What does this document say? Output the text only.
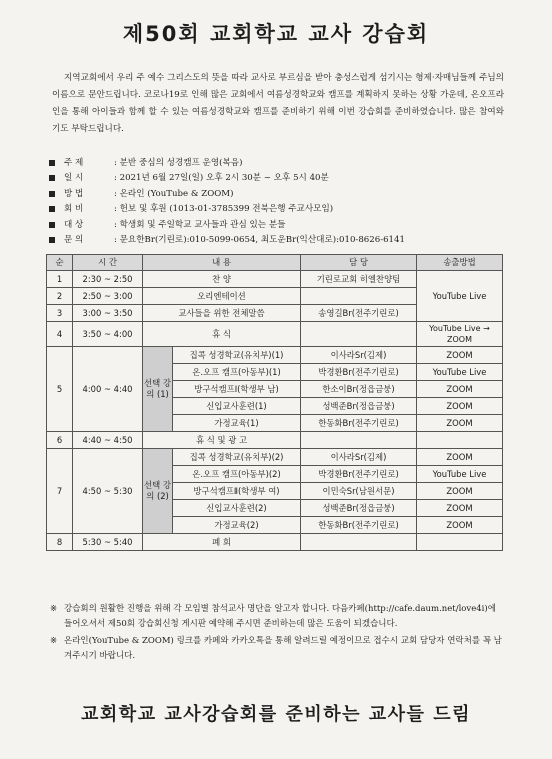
제50회 교회학교 교사 강습회
지역교회에서 우리 주 예수 그리스도의 뜻을 따라 교사로 부르심을 받아 충성스럽게 섬기시는 형제·자매님들께 주님의 이름으로 문안드립니다. 코로나19로 인해 많은 교회에서 여름성경학교와 캠프를 계획하지 못하는 상황 가운데, 온오프라인을 통해 아이들과 함께 할 수 있는 여름성경학교와 캠프를 준비하기 위해 이번 강습회를 준비하였습니다. 많은 참여와 기도 부탁드립니다.
주 제	: 분반 중심의 성경캠프 운영(복음)
일 시	: 2021년 6월 27일(일) 오후 2시 30분 ~ 오후 5시 40분
방 법	: 온라인 (YouTube & ZOOM)
회 비	: 헌보 및 후원 (1013-01-3785399 전북은행 주교사모임)
대 상	: 학생회 및 주일학교 교사들과 관심 있는 분들
문 의	: 문요한Br(기린로):010-5099-0654, 최도운Br(익산대로):010-8626-6141
순	시 간	내 용		담 당	송출방법
1	2:30 ~ 2:50	찬 양		기린로교회 히엘찬양팀	YouTube Live
2	2:50 ~ 3:00	오리엔테이션			
3	3:00 ~ 3:50	교사들을 위한 전체말씀		송영길Br(전주기린로)	
4	3:50 ~ 4:00	휴 식			YouTube Live → ZOOM
5	4:00 ~ 4:40	선택 강의 (1)	집콕 성경학교(유치부)(1)	이사라Sr(김제)	ZOOM
			온.오프 캠프(아동부)(1)	박경환Br(전주기린로)	YouTube Live
			방구석캠프Ⅰ(학생부 남)	한소이Br(정읍금붕)	ZOOM
			신입교사훈련(1)	성백준Br(정읍금붕)	ZOOM
			가정교육(1)	한동화Br(전주기린로)	ZOOM
6	4:40 ~ 4:50	휴 식 및 광 고			
7	4:50 ~ 5:30	선택 강의 (2)	집콕 성경학교(유치부)(2)	이사라Sr(김제)	ZOOM
			온.오프 캠프(아동부)(2)	박경환Br(전주기린로)	YouTube Live
			방구석캠프Ⅱ(학생부 여)	이민숙Sr(남원서문)	ZOOM
			신입교사훈련(2)	성백준Br(정읍금붕)	ZOOM
			가정교육(2)	한동화Br(전주기린로)	ZOOM
8	5:30 ~ 5:40	폐 회			
※ 강습회의 원활한 진행을 위해 각 모임별 참석교사 명단을 알고자 합니다. 다음카페(http://cafe.daum.net/love4i)에 들어오셔서 제50회 강습회신청 게시판 예약해 주시면 준비하는데 많은 도움이 되겠습니다.
※ 온라인(YouTube & ZOOM) 링크를 카페와 카카오톡을 통해 알려드릴 예정이므로 접수시 교회 담당자 연락처를 꼭 남겨주시기 바랍니다.
교회학교 교사강습회를 준비하는 교사들 드림
